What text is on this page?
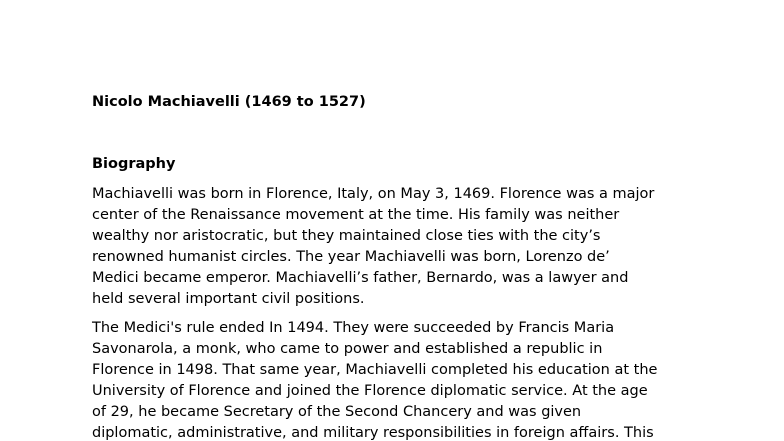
Nicolo Machiavelli (1469 to 1527)

Biography

Machiavelli was born in Florence, Italy, on May 3, 1469. Florence was a major
center of the Renaissance movement at the time. His family was neither
wealthy nor aristocratic, but they maintained close ties with the city’s
renowned humanist circles. The year Machiavelli was born, Lorenzo de’
Medici became emperor. Machiavelli’s father, Bernardo, was a lawyer and
held several important civil positions.

The Medici's rule ended In 1494. They were succeeded by Francis Maria
Savonarola, a monk, who came to power and established a republic in
Florence in 1498. That same year, Machiavelli completed his education at the
University of Florence and joined the Florence diplomatic service. At the age
of 29, he became Secretary of the Second Chancery and was given
diplomatic, administrative, and military responsibilities in foreign affairs. This
